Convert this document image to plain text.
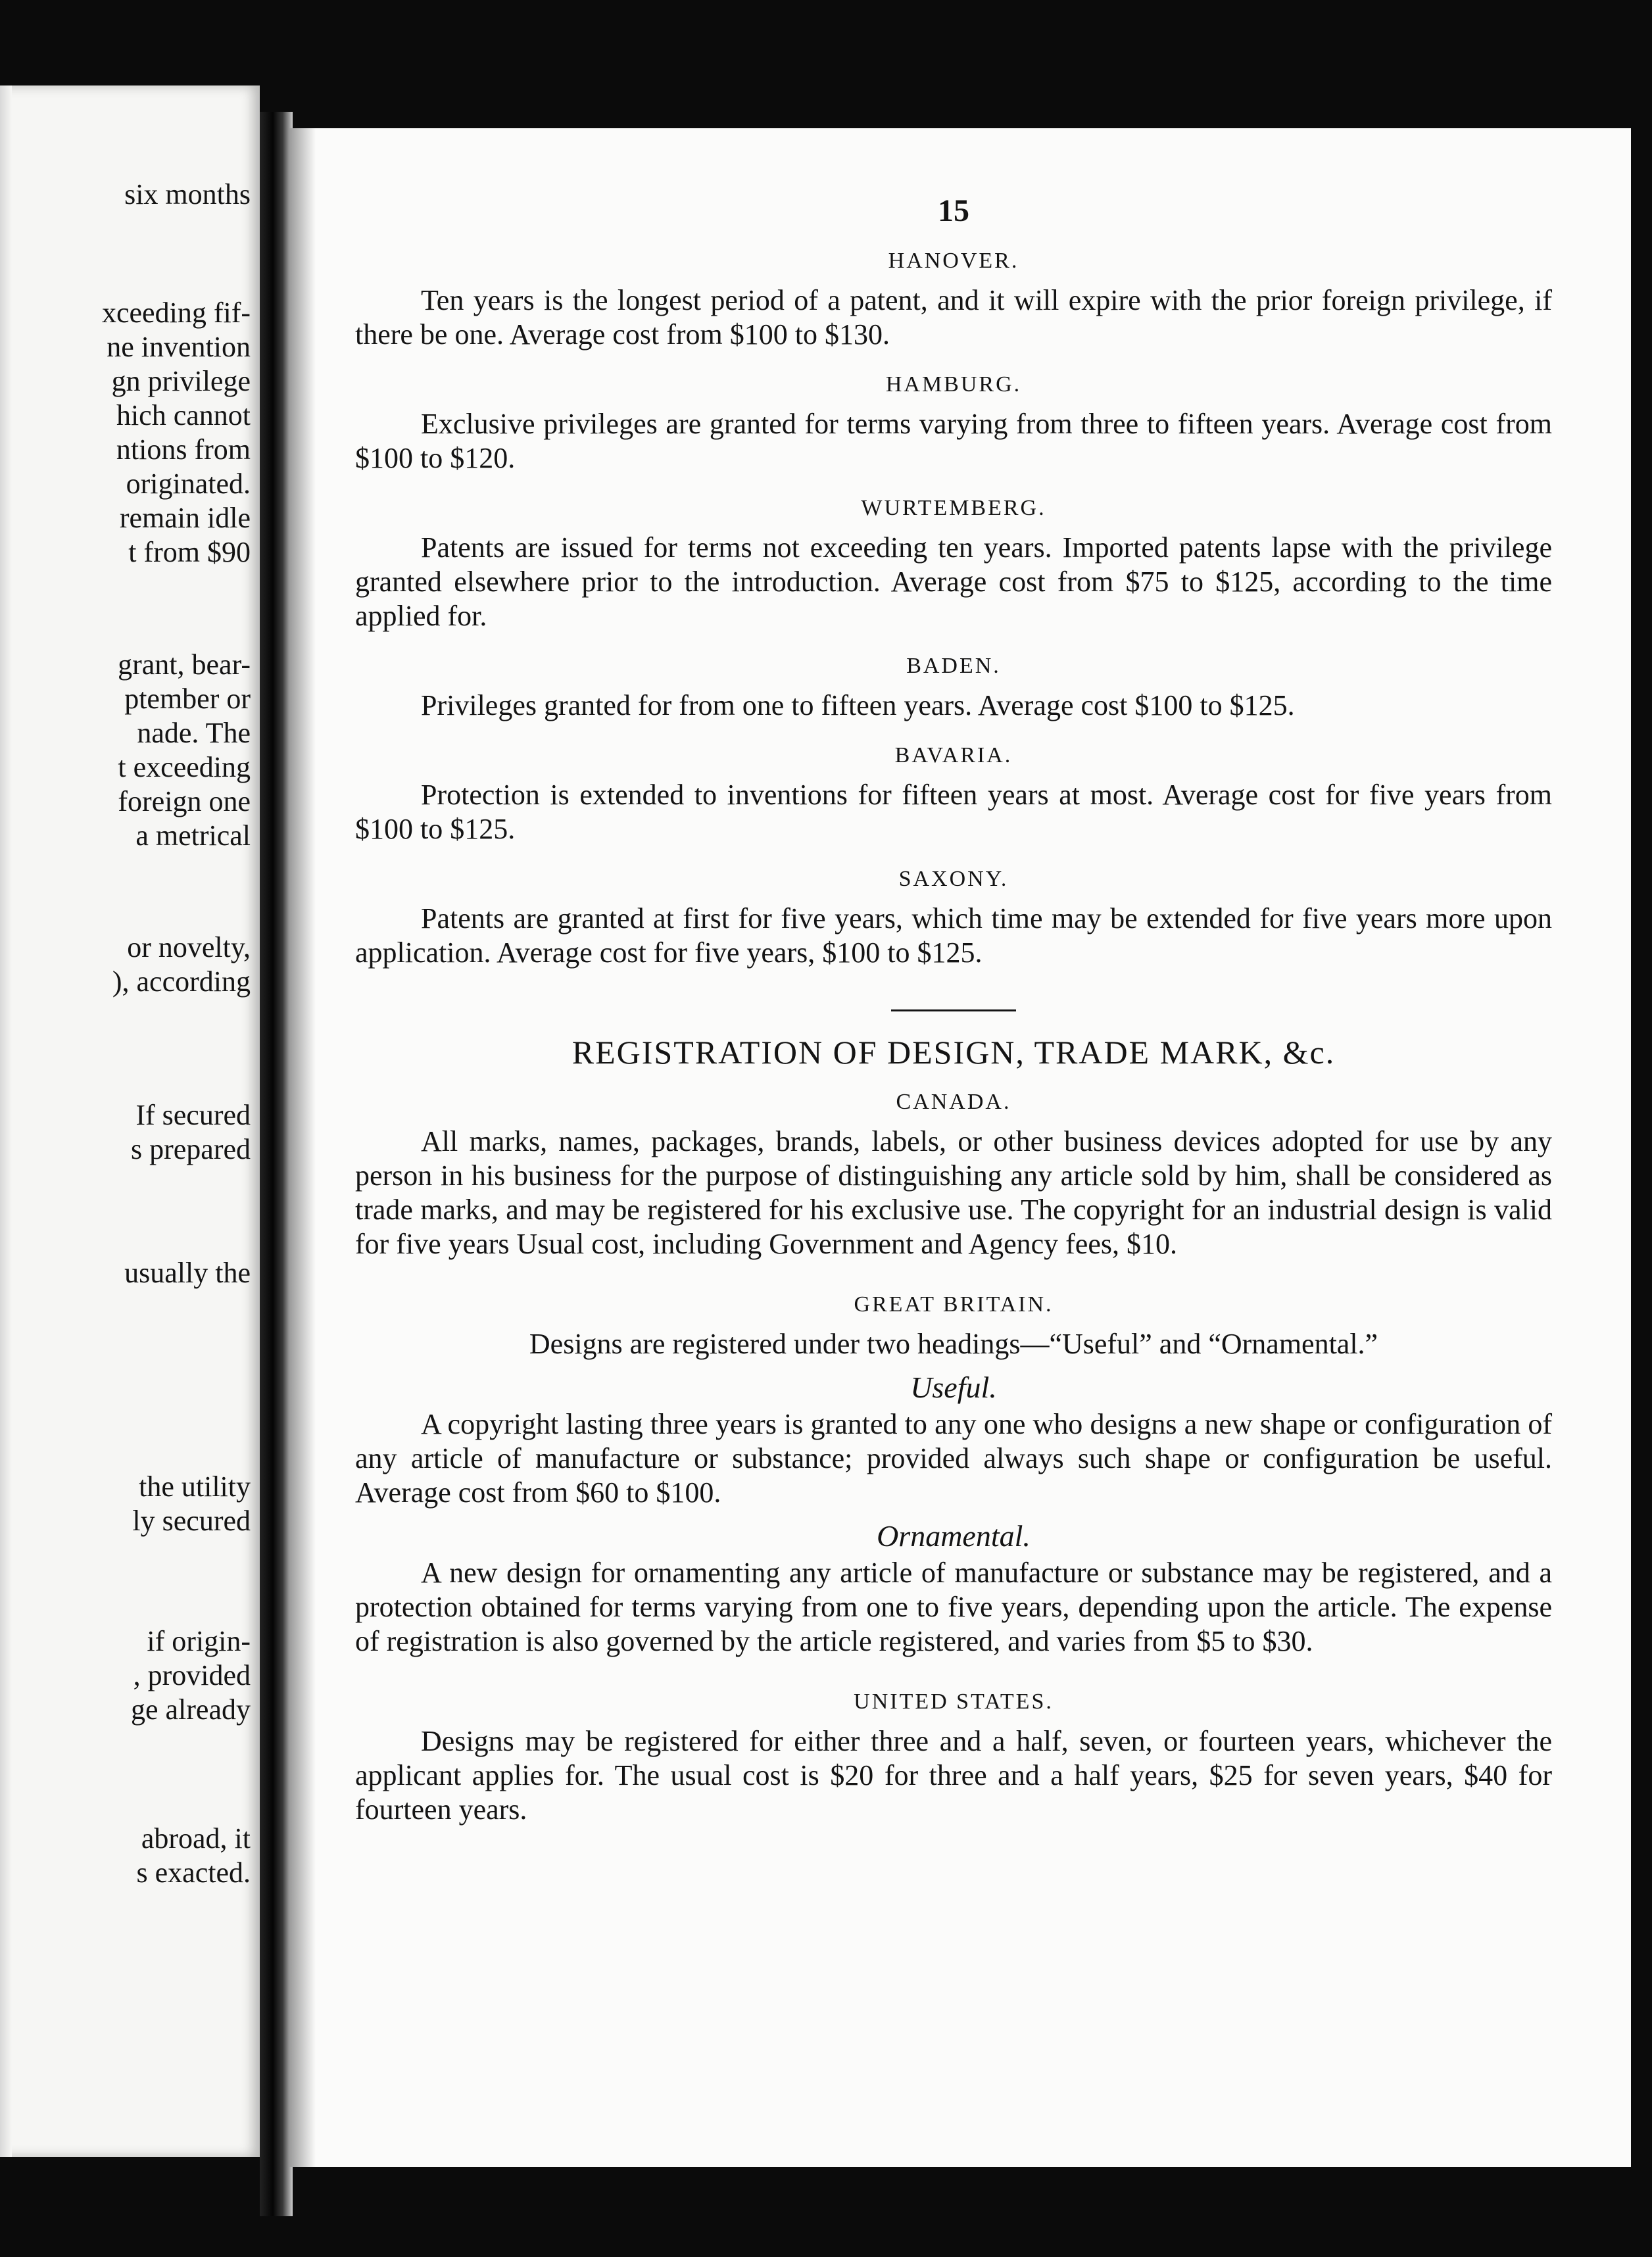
six months
xceeding fif-
ne invention
gn privilege
hich cannot
ntions from
originated.
remain idle
t from $90
grant, bear-
ptember or
nade. The
t exceeding
foreign one
a metrical
or novelty,
), according
If secured
s prepared
usually the
the utility
ly secured
if origin-
, provided
ge already
abroad, it
s exacted.
15
HANOVER.

Ten years is the longest period of a patent, and it will expire with the prior foreign privilege, if there be one. Average cost from $100 to $130.

HAMBURG.

Exclusive privileges are granted for terms varying from three to fifteen years. Average cost from $100 to $120.

WURTEMBERG.

Patents are issued for terms not exceeding ten years. Imported patents lapse with the privilege granted elsewhere prior to the introduction. Average cost from $75 to $125, according to the time applied for.

BADEN.

Privileges granted for from one to fifteen years. Average cost $100 to $125.

BAVARIA.

Protection is extended to inventions for fifteen years at most. Average cost for five years from $100 to $125.

SAXONY.

Patents are granted at first for five years, which time may be extended for five years more upon application. Average cost for five years, $100 to $125.

REGISTRATION OF DESIGN, TRADE MARK, &c.
CANADA.

All marks, names, packages, brands, labels, or other business devices adopted for use by any person in his business for the purpose of distinguishing any article sold by him, shall be considered as trade marks, and may be registered for his exclusive use. The copyright for an industrial design is valid for five years Usual cost, including Government and Agency fees, $10.

GREAT BRITAIN.

Designs are registered under two headings—“Useful” and “Ornamental.”

Useful.

A copyright lasting three years is granted to any one who designs a new shape or configuration of any article of manufacture or substance; provided always such shape or configuration be useful. Average cost from $60 to $100.

Ornamental.

A new design for ornamenting any article of manufacture or substance may be registered, and a protection obtained for terms varying from one to five years, depending upon the article. The expense of registration is also governed by the article registered, and varies from $5 to $30.

UNITED STATES.

Designs may be registered for either three and a half, seven, or fourteen years, whichever the applicant applies for. The usual cost is $20 for three and a half years, $25 for seven years, $40 for fourteen years.
